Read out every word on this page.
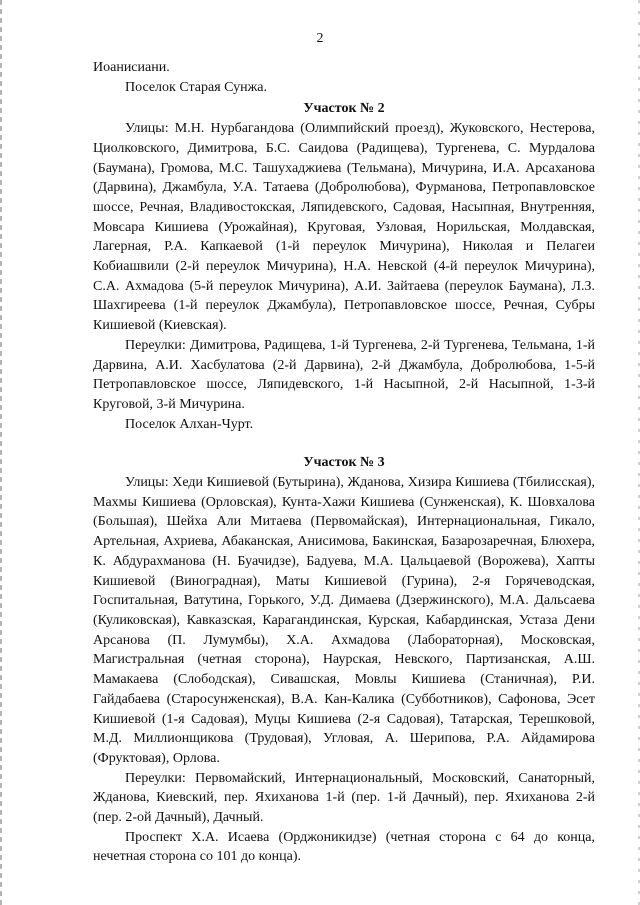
2

Иоанисиани.

Поселок Старая Сунжа.

Участок № 2

Улицы: М.Н. Нурбагандова (Олимпийский проезд), Жуковского, Нестерова, Циолковского, Димитрова, Б.С. Саидова (Радищева), Тургенева, С. Мурдалова (Баумана), Громова, М.С. Ташухаджиева (Тельмана), Мичурина, И.А. Арсаханова (Дарвина), Джамбула, У.А. Татаева (Добролюбова), Фурманова, Петропавловское шоссе, Речная, Владивостокская, Ляпидевского, Садовая, Насыпная, Внутренняя, Мовсара Кишиева (Урожайная), Круговая, Узловая, Норильская, Молдавская, Лагерная, Р.А. Капкаевой (1-й переулок Мичурина), Николая и Пелагеи Кобиашвили (2-й переулок Мичурина), Н.А. Невской (4-й переулок Мичурина), С.А. Ахмадова (5-й переулок Мичурина), А.И. Зайтаева (переулок Баумана), Л.З. Шахгиреева (1-й переулок Джамбула), Петропавловское шоссе, Речная, Субры Кишиевой (Киевская).

Переулки: Димитрова, Радищева, 1-й Тургенева, 2-й Тургенева, Тельмана, 1-й Дарвина, А.И. Хасбулатова (2-й Дарвина), 2-й Джамбула, Добролюбова, 1-5-й Петропавловское шоссе, Ляпидевского, 1-й Насыпной, 2-й Насыпной, 1-3-й Круговой, 3-й Мичурина.

Поселок Алхан-Чурт.

Участок № 3

Улицы: Хеди Кишиевой (Бутырина), Жданова, Хизира Кишиева (Тбилисская), Махмы Кишиева (Орловская), Кунта-Хажи Кишиева (Сунженская), К. Шовхалова (Большая), Шейха Али Митаева (Первомайская), Интернациональная, Гикало, Артельная, Ахриева, Абаканская, Анисимова, Бакинская, Базарозаречная, Блюхера, К. Абдурахманова (Н. Буачидзе), Бадуева, М.А. Цальцаевой (Ворожева), Хапты Кишиевой (Виноградная), Маты Кишиевой (Гурина), 2-я Горячеводская, Госпитальная, Ватутина, Горького, У.Д. Димаева (Дзержинского), М.А. Дальсаева (Куликовская), Кавказская, Карагандинская, Курская, Кабардинская, Устаза Дени Арсанова (П. Лумумбы), Х.А. Ахмадова (Лабораторная), Московская, Магистральная (четная сторона), Наурская, Невского, Партизанская, А.Ш. Мамакаева (Слободская), Сивашская, Мовлы Кишиева (Станичная), Р.И. Гайдабаева (Старосунженская), В.А. Кан-Калика (Субботников), Сафонова, Эсет Кишиевой (1-я Садовая), Муцы Кишиева (2-я Садовая), Татарская, Терешковой, М.Д. Миллионщикова (Трудовая), Угловая, А. Шерипова, Р.А. Айдамирова (Фруктовая), Орлова.

Переулки: Первомайский, Интернациональный, Московский, Санаторный, Жданова, Киевский, пер. Яхиханова 1-й (пер. 1-й Дачный), пер. Яхиханова 2-й (пер. 2-ой Дачный), Дачный.

Проспект Х.А. Исаева (Орджоникидзе) (четная сторона с 64 до конца, нечетная сторона со 101 до конца).
